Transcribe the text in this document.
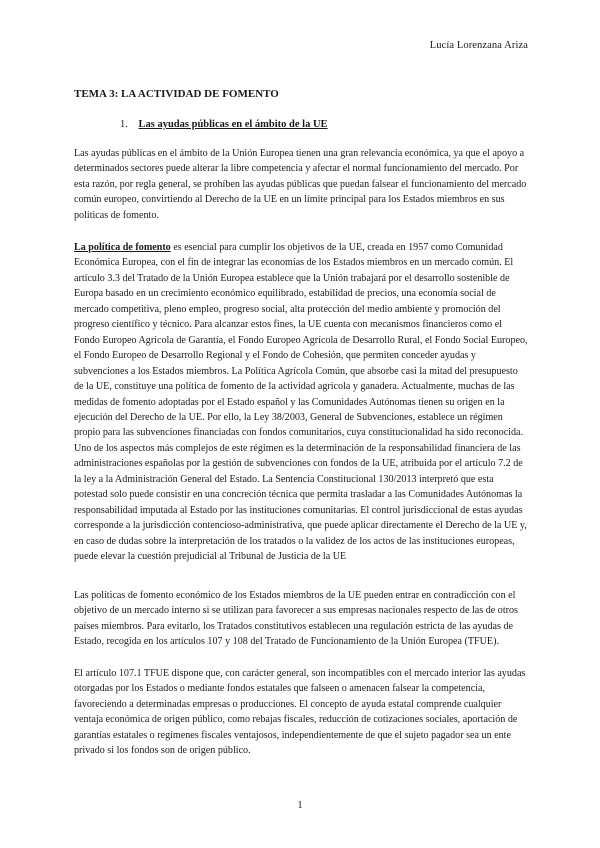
Lucía Lorenzana Ariza
TEMA 3: LA ACTIVIDAD DE FOMENTO
1. Las ayudas públicas en el ámbito de la UE

Las ayudas públicas en el ámbito de la Unión Europea tienen una gran relevancia económica, ya que el apoyo a determinados sectores puede alterar la libre competencia y afectar el normal funcionamiento del mercado. Por esta razón, por regla general, se prohíben las ayudas públicas que puedan falsear el funcionamiento del mercado común europeo, convirtiendo al Derecho de la UE en un límite principal para los Estados miembros en sus políticas de fomento.

La política de fomento es esencial para cumplir los objetivos de la UE, creada en 1957 como Comunidad Económica Europea, con el fin de integrar las economías de los Estados miembros en un mercado común. El artículo 3.3 del Tratado de la Unión Europea establece que la Unión trabajará por el desarrollo sostenible de Europa basado en un crecimiento económico equilibrado, estabilidad de precios, una economía social de mercado competitiva, pleno empleo, progreso social, alta protección del medio ambiente y promoción del progreso científico y técnico. Para alcanzar estos fines, la UE cuenta con mecanismos financieros como el Fondo Europeo Agrícola de Garantía, el Fondo Europeo Agrícola de Desarrollo Rural, el Fondo Social Europeo, el Fondo Europeo de Desarrollo Regional y el Fondo de Cohesión, que permiten conceder ayudas y subvenciones a los Estados miembros. La Política Agrícola Común, que absorbe casi la mitad del presupuesto de la UE, constituye una política de fomento de la actividad agrícola y ganadera. Actualmente, muchas de las medidas de fomento adoptadas por el Estado español y las Comunidades Autónomas tienen su origen en la ejecución del Derecho de la UE. Por ello, la Ley 38/2003, General de Subvenciones, establece un régimen propio para las subvenciones financiadas con fondos comunitarios, cuya constitucionalidad ha sido reconocida. Uno de los aspectos más complejos de este régimen es la determinación de la responsabilidad financiera de las administraciones españolas por la gestión de subvenciones con fondos de la UE, atribuida por el artículo 7.2 de la ley a la Administración General del Estado. La Sentencia Constitucional 130/2013 interpretó que esta potestad solo puede consistir en una concreción técnica que permita trasladar a las Comunidades Autónomas la responsabilidad imputada al Estado por las instituciones comunitarias. El control jurisdiccional de estas ayudas corresponde a la jurisdicción contencioso-administrativa, que puede aplicar directamente el Derecho de la UE y, en caso de dudas sobre la interpretación de los tratados o la validez de los actos de las instituciones europeas, puede elevar la cuestión prejudicial al Tribunal de Justicia de la UE

Las políticas de fomento económico de los Estados miembros de la UE pueden entrar en contradicción con el objetivo de un mercado interno si se utilizan para favorecer a sus empresas nacionales respecto de las de otros países miembros. Para evitarlo, los Tratados constitutivos establecen una regulación estricta de las ayudas de Estado, recogida en los artículos 107 y 108 del Tratado de Funcionamiento de la Unión Europea (TFUE).

El artículo 107.1 TFUE dispone que, con carácter general, son incompatibles con el mercado interior las ayudas otorgadas por los Estados o mediante fondos estatales que falseen o amenacen falsear la competencia, favoreciendo a determinadas empresas o producciones. El concepto de ayuda estatal comprende cualquier ventaja económica de origen público, como rebajas fiscales, reducción de cotizaciones sociales, aportación de garantías estatales o regímenes fiscales ventajosos, independientemente de que el sujeto pagador sea un ente privado si los fondos son de origen público.

1
